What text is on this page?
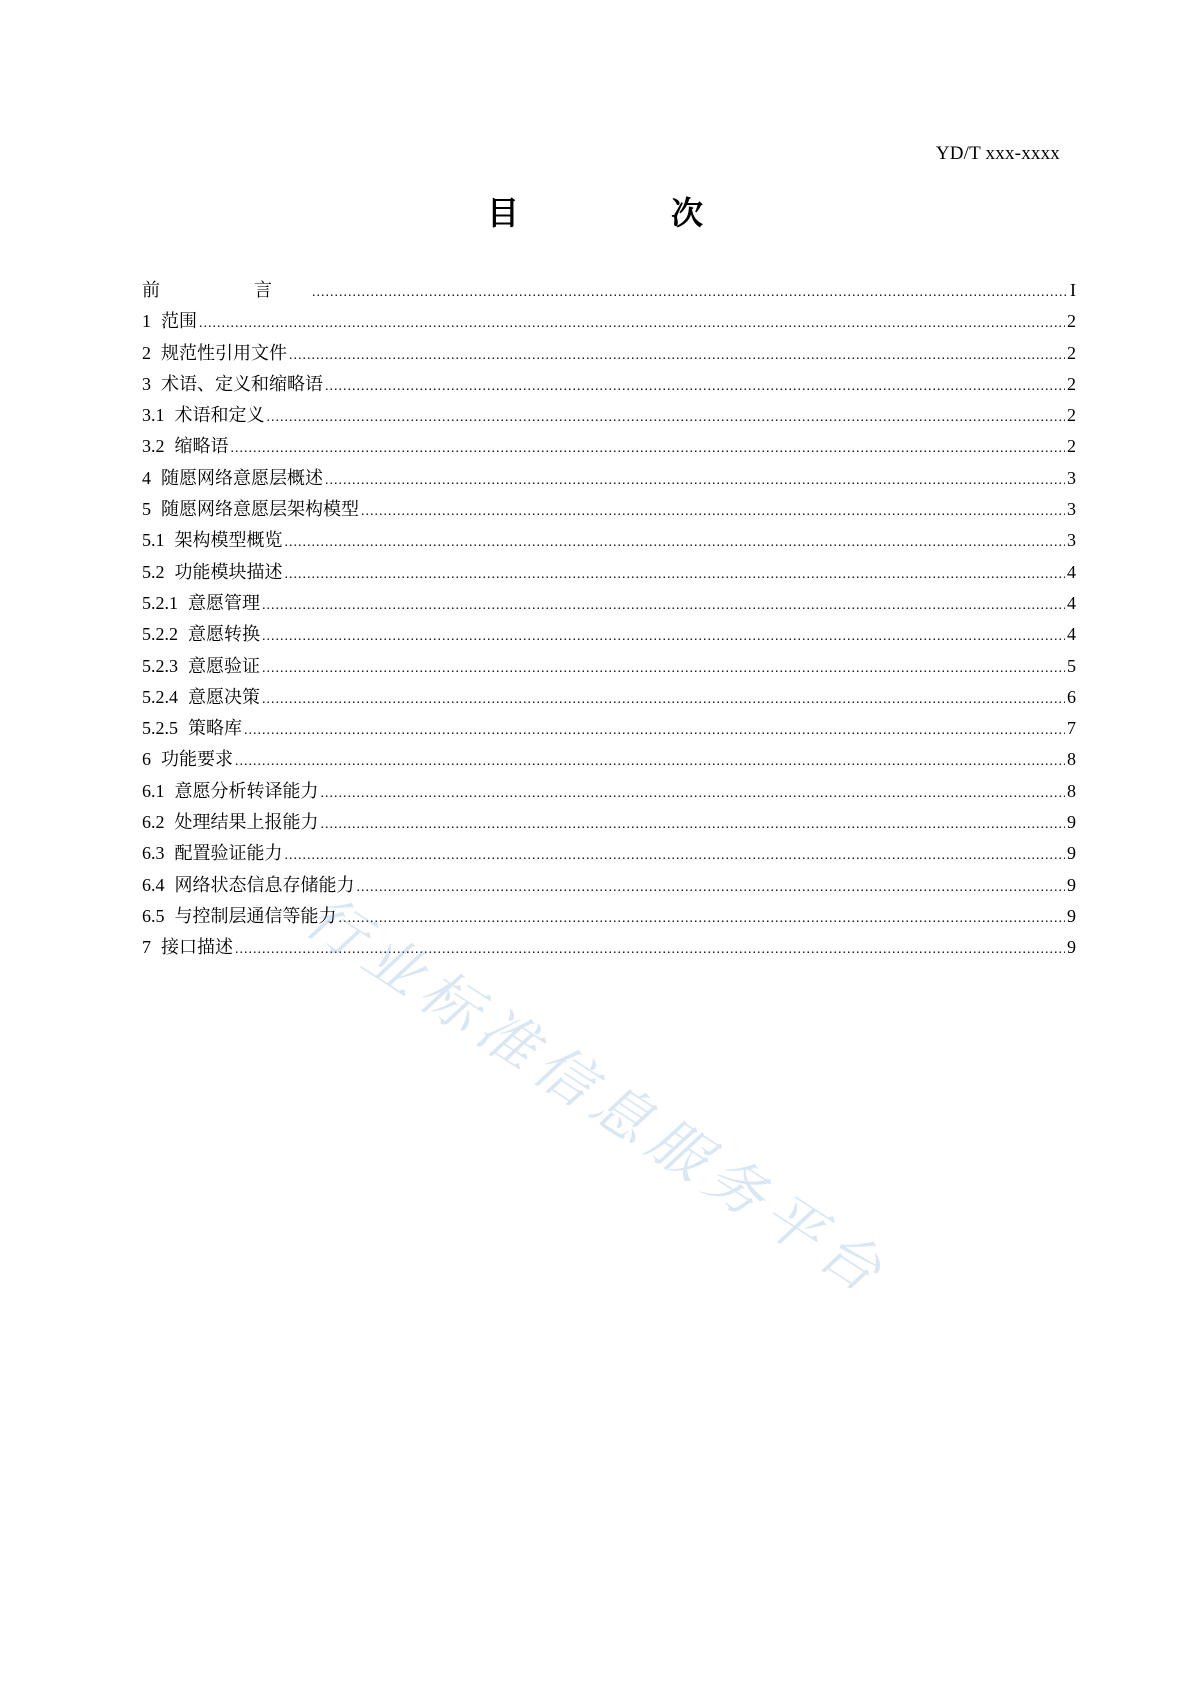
YD/T xxx-xxxx
目　次
前　言 .....	I
1 范围 .....	2
2 规范性引用文件 .....	2
3 术语、定义和缩略语 .....	2
3.1 术语和定义 .....	2
3.2 缩略语 .....	2
4 随愿网络意愿层概述 .....	3
5 随愿网络意愿层架构模型 .....	3
5.1 架构模型概览 .....	3
5.2 功能模块描述 .....	4
5.2.1 意愿管理 .....	4
5.2.2 意愿转换 .....	4
5.2.3 意愿验证 .....	5
5.2.4 意愿决策 .....	6
5.2.5 策略库 .....	7
6 功能要求 .....	8
6.1 意愿分析转译能力 .....	8
6.2 处理结果上报能力 .....	9
6.3 配置验证能力 .....	9
6.4 网络状态信息存储能力 .....	9
6.5 与控制层通信等能力 .....	9
7 接口描述 .....	9
行业标准信息服务平台
